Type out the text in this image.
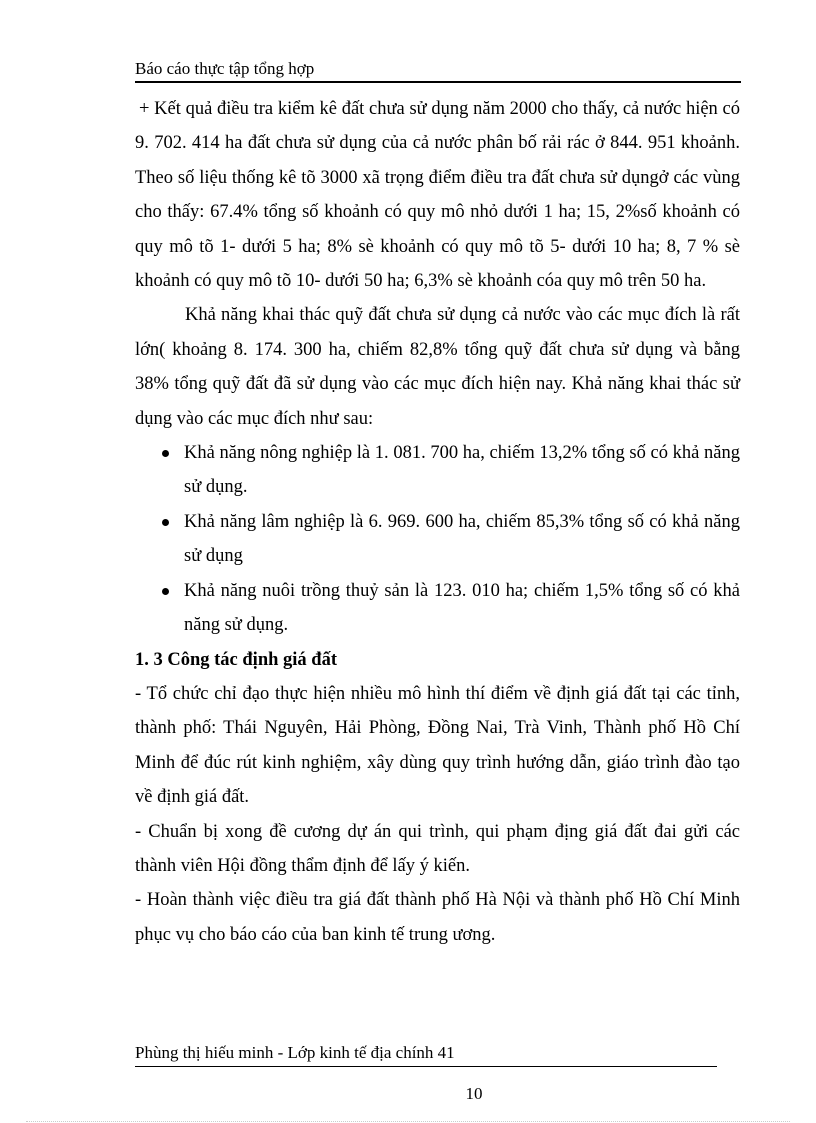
Báo cáo thực tập tổng hợp

+ Kết quả điều tra kiểm kê đất chưa sử dụng năm 2000 cho thấy, cả nước hiện có 9. 702. 414 ha đất chưa sử dụng của cả nước phân bố rải rác ở 844. 951 khoảnh. Theo số liệu thống kê tõ 3000 xã trọng điểm điều tra đất chưa sử dụngở các vùng cho thấy: 67.4% tổng số khoảnh có quy mô nhỏ dưới 1 ha; 15, 2%số khoảnh có quy mô tõ 1- dưới 5 ha; 8% sè khoảnh có quy mô tõ 5- dưới 10 ha; 8, 7 % sè khoảnh có quy mô tõ 10- dưới 50 ha; 6,3% sè khoảnh cóa quy mô trên 50 ha.

Khả năng khai thác quỹ đất chưa sử dụng cả nước vào các mục đích là rất lớn( khoảng 8. 174. 300 ha, chiếm 82,8% tổng quỹ đất chưa sử dụng và bằng 38% tổng quỹ đất đã sử dụng vào các mục đích hiện nay. Khả năng khai thác sử dụng vào các mục đích như sau:

Khả năng nông nghiệp là 1. 081. 700 ha, chiếm 13,2% tổng số có khả năng sử dụng.
Khả năng lâm nghiệp là 6. 969. 600 ha, chiếm 85,3% tổng số có khả năng sử dụng
Khả năng nuôi trồng thuỷ sản là 123. 010 ha; chiếm 1,5% tổng số có khả năng sử dụng.

1. 3 Công tác định giá đất

- Tổ chức chỉ đạo thực hiện nhiều mô hình thí điểm về định giá đất tại các tỉnh, thành phố: Thái Nguyên, Hải Phòng, Đồng Nai, Trà Vinh, Thành phố Hồ Chí Minh để đúc rút kinh nghiệm, xây dùng quy trình hướng dẫn, giáo trình đào tạo về định giá đất.

- Chuẩn bị xong đề cương dự án qui trình, qui phạm địng giá đất đai gửi các thành viên Hội đồng thẩm định để lấy ý kiến.

- Hoàn thành việc điều tra giá đất thành phố Hà Nội và thành phố Hồ Chí Minh phục vụ cho báo cáo của ban kinh tế trung ương.

Phùng thị hiếu minh - Lớp kinh tế địa chính 41
10
